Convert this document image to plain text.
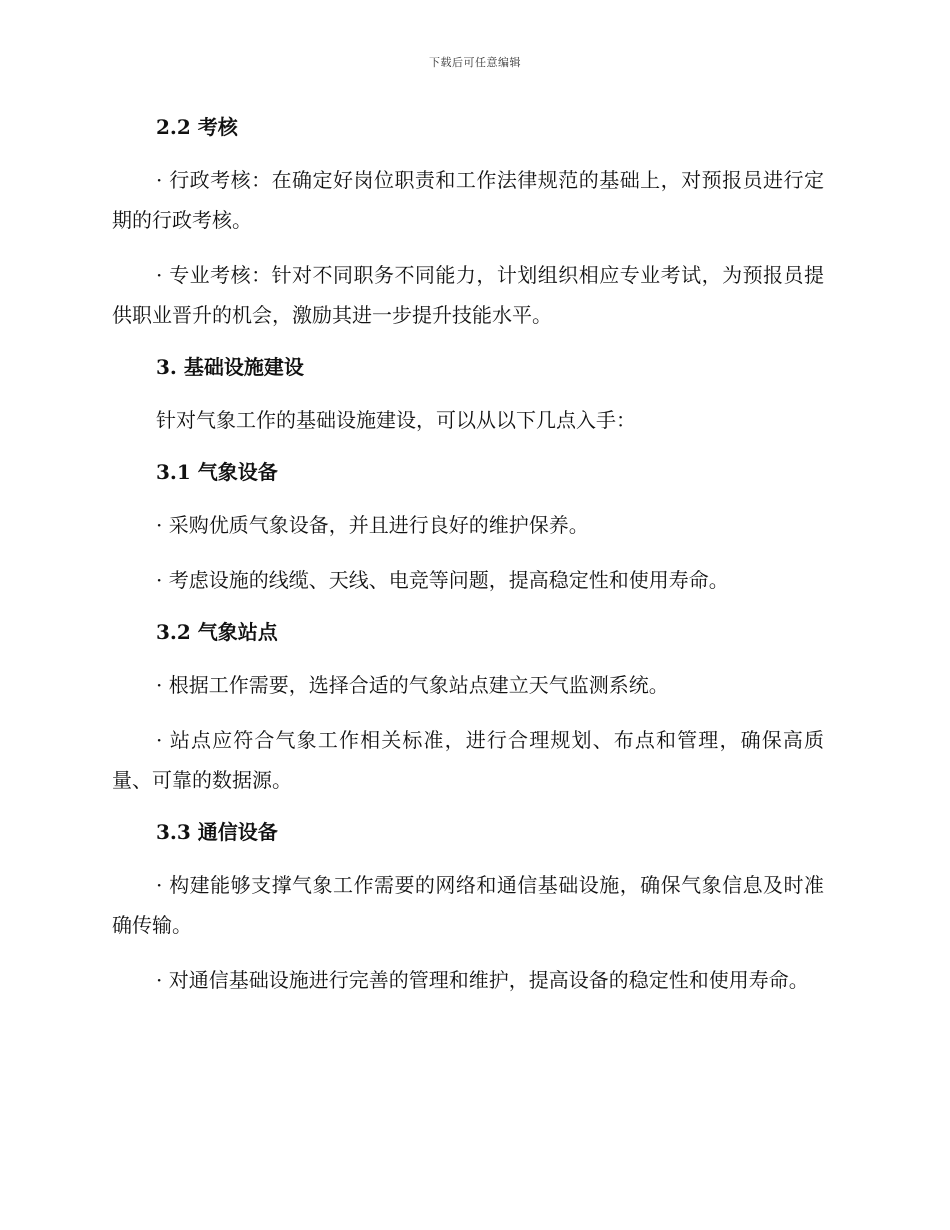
下载后可任意编辑

2.2 考核

· 行政考核：在确定好岗位职责和工作法律规范的基础上，对预报员进行定期的行政考核。

· 专业考核：针对不同职务不同能力，计划组织相应专业考试，为预报员提供职业晋升的机会，激励其进一步提升技能水平。

3. 基础设施建设

针对气象工作的基础设施建设，可以从以下几点入手：

3.1 气象设备

· 采购优质气象设备，并且进行良好的维护保养。

· 考虑设施的线缆、天线、电竞等问题，提高稳定性和使用寿命。

3.2 气象站点

· 根据工作需要，选择合适的气象站点建立天气监测系统。

· 站点应符合气象工作相关标准，进行合理规划、布点和管理，确保高质量、可靠的数据源。

3.3 通信设备

· 构建能够支撑气象工作需要的网络和通信基础设施，确保气象信息及时准确传输。

· 对通信基础设施进行完善的管理和维护，提高设备的稳定性和使用寿命。
